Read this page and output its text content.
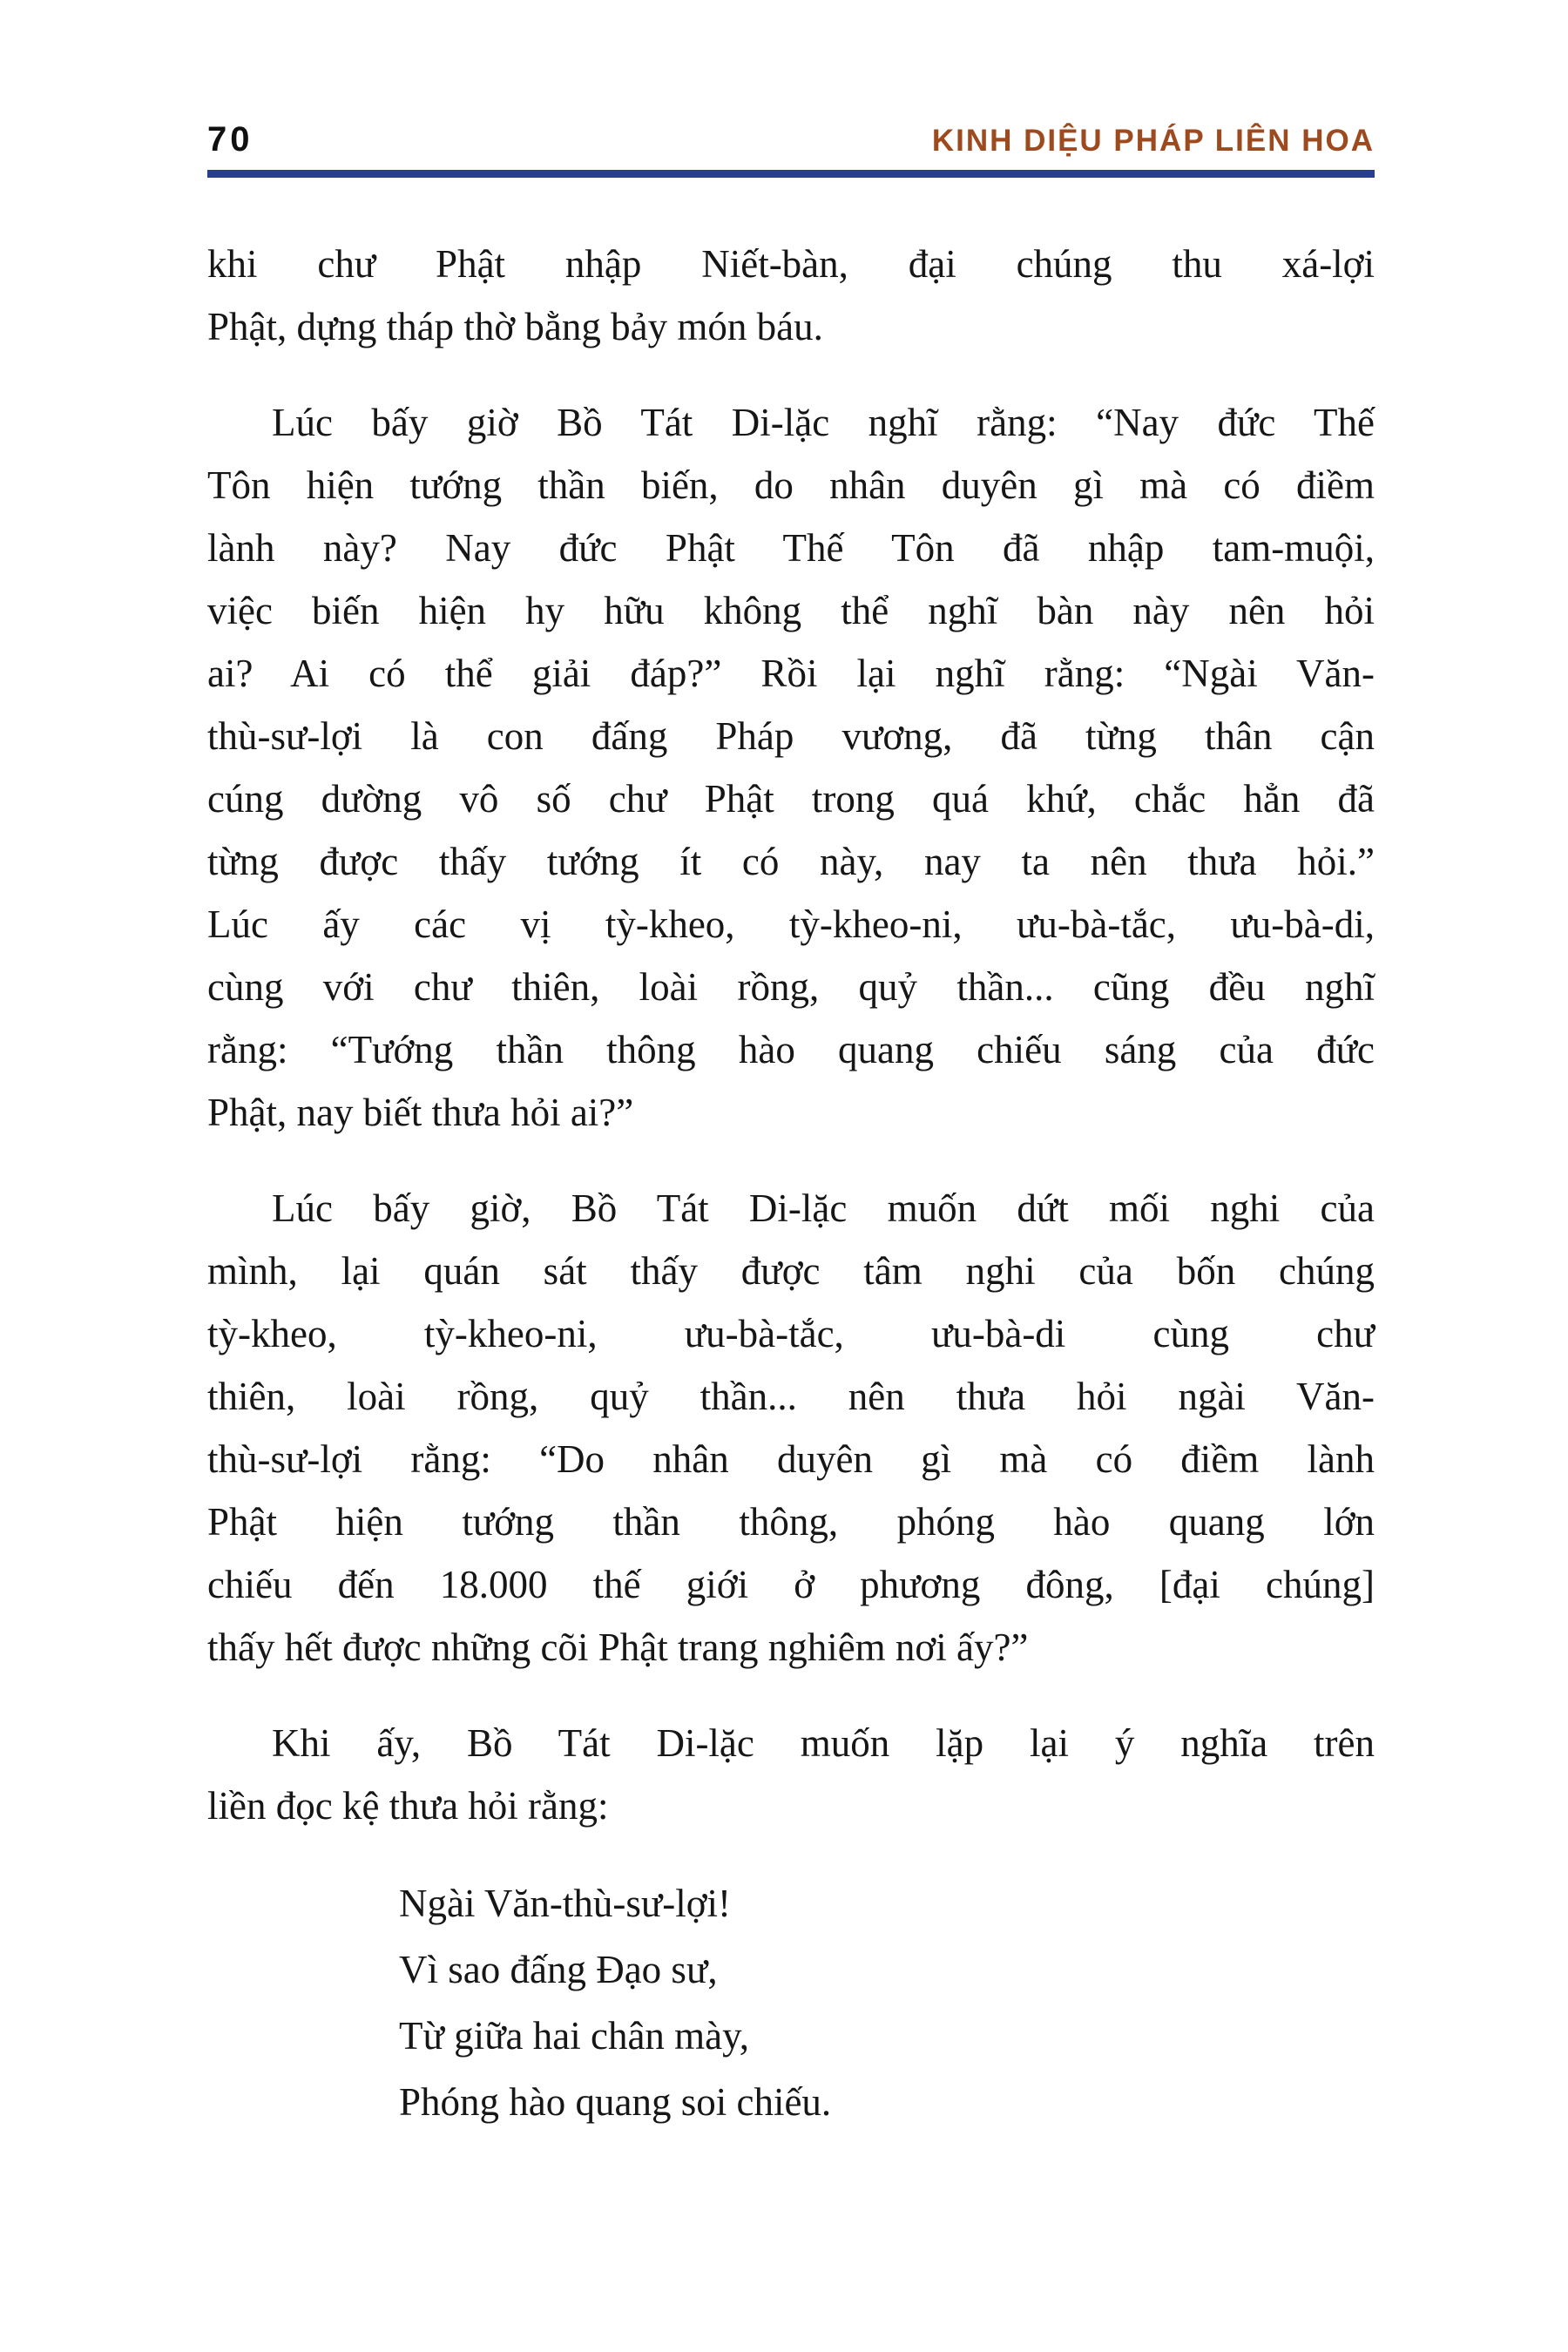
70	KINH DIỆU PHÁP LIÊN HOA
khi chư Phật nhập Niết-bàn, đại chúng thu xá-lợi
Phật, dựng tháp thờ bằng bảy món báu.
Lúc bấy giờ Bồ Tát Di-lặc nghĩ rằng: “Nay đức Thế
Tôn hiện tướng thần biến, do nhân duyên gì mà có điềm
lành này? Nay đức Phật Thế Tôn đã nhập tam-muội,
việc biến hiện hy hữu không thể nghĩ bàn này nên hỏi
ai? Ai có thể giải đáp?” Rồi lại nghĩ rằng: “Ngài Văn-
thù-sư-lợi là con đấng Pháp vương, đã từng thân cận
cúng dường vô số chư Phật trong quá khứ, chắc hẳn đã
từng được thấy tướng ít có này, nay ta nên thưa hỏi.”
Lúc ấy các vị tỳ-kheo, tỳ-kheo-ni, ưu-bà-tắc, ưu-bà-di,
cùng với chư thiên, loài rồng, quỷ thần... cũng đều nghĩ
rằng: “Tướng thần thông hào quang chiếu sáng của đức
Phật, nay biết thưa hỏi ai?”
Lúc bấy giờ, Bồ Tát Di-lặc muốn dứt mối nghi của
mình, lại quán sát thấy được tâm nghi của bốn chúng
tỳ-kheo, tỳ-kheo-ni, ưu-bà-tắc, ưu-bà-di cùng chư
thiên, loài rồng, quỷ thần... nên thưa hỏi ngài Văn-
thù-sư-lợi rằng: “Do nhân duyên gì mà có điềm lành
Phật hiện tướng thần thông, phóng hào quang lớn
chiếu đến 18.000 thế giới ở phương đông, [đại chúng]
thấy hết được những cõi Phật trang nghiêm nơi ấy?”
Khi ấy, Bồ Tát Di-lặc muốn lặp lại ý nghĩa trên
liền đọc kệ thưa hỏi rằng:
Ngài Văn-thù-sư-lợi!
Vì sao đấng Đạo sư,
Từ giữa hai chân mày,
Phóng hào quang soi chiếu.
